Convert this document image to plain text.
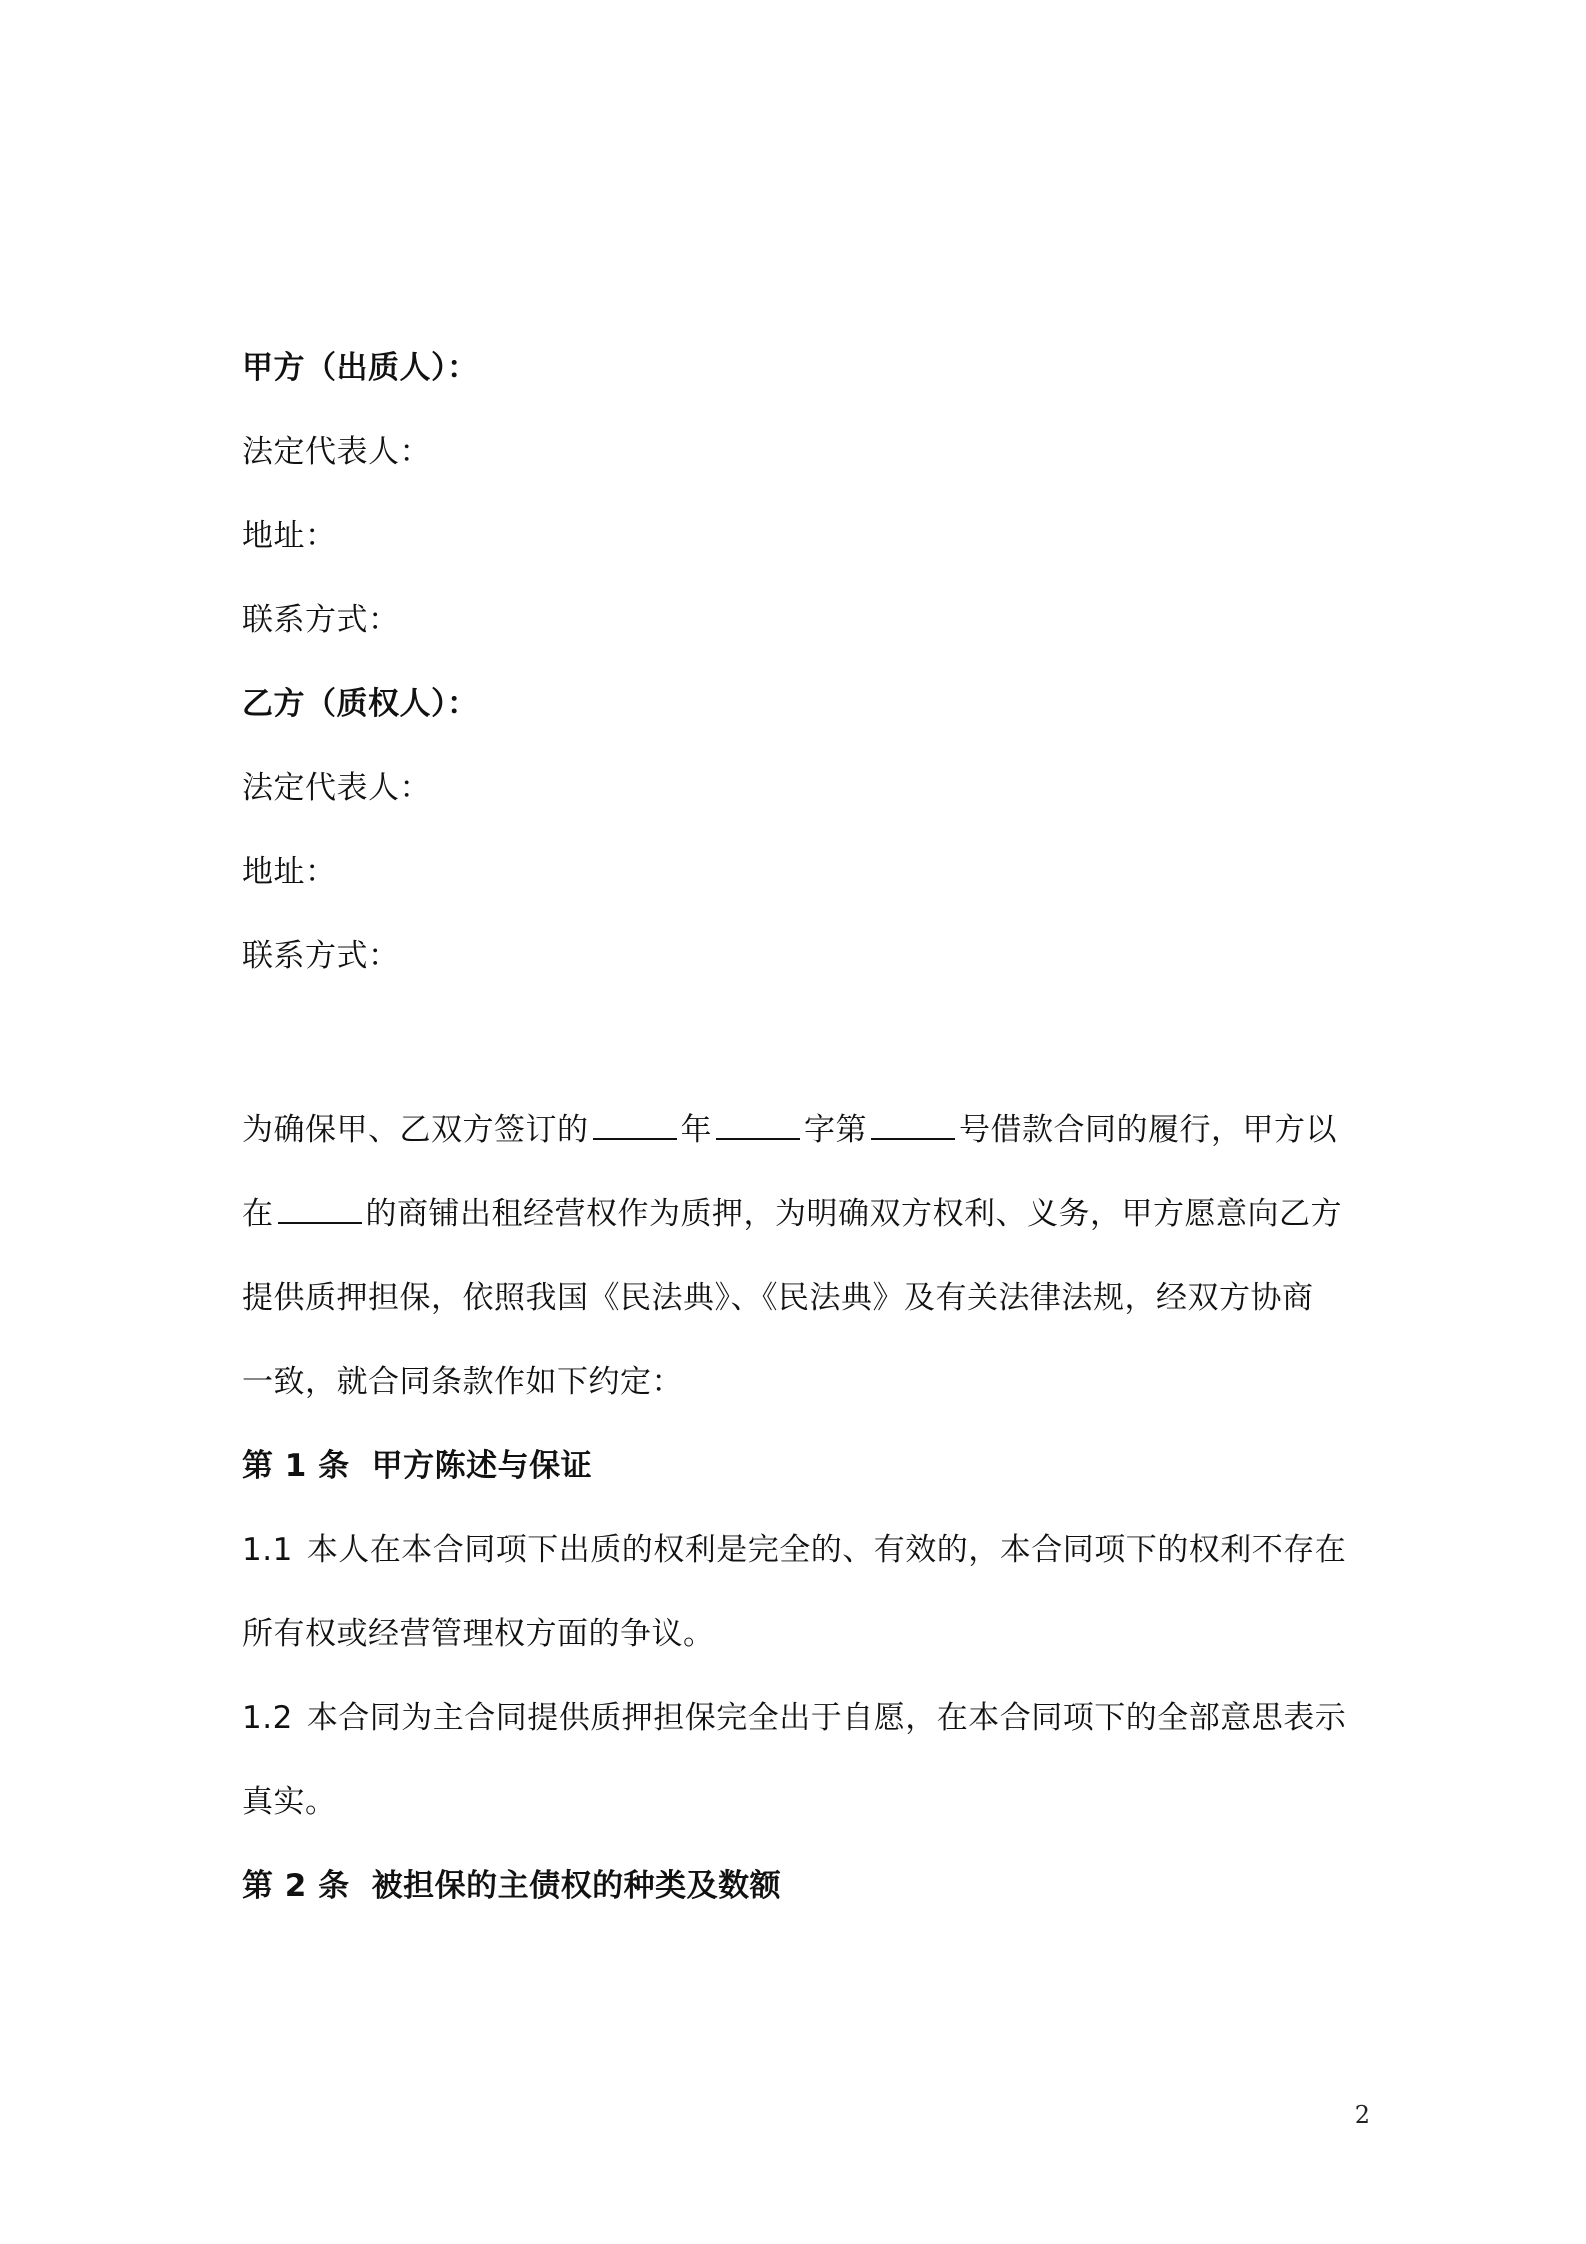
甲方（出质人）：
法定代表人：
地址：
联系方式：
乙方（质权人）：
法定代表人：
地址：
联系方式：
为确保甲、乙双方签订的	年	字第	号借款合同的履行，甲方以
在	的商铺出租经营权作为质押，为明确双方权利、义务，甲方愿意向乙方
提供质押担保，依照我国《民法典》、《民法典》及有关法律法规，经双方协商
一致，就合同条款作如下约定：
第 1 条 甲方陈述与保证
1.1 本人在本合同项下出质的权利是完全的、有效的，本合同项下的权利不存在
所有权或经营管理权方面的争议。
1.2 本合同为主合同提供质押担保完全出于自愿，在本合同项下的全部意思表示
真实。
第 2 条 被担保的主债权的种类及数额
2
